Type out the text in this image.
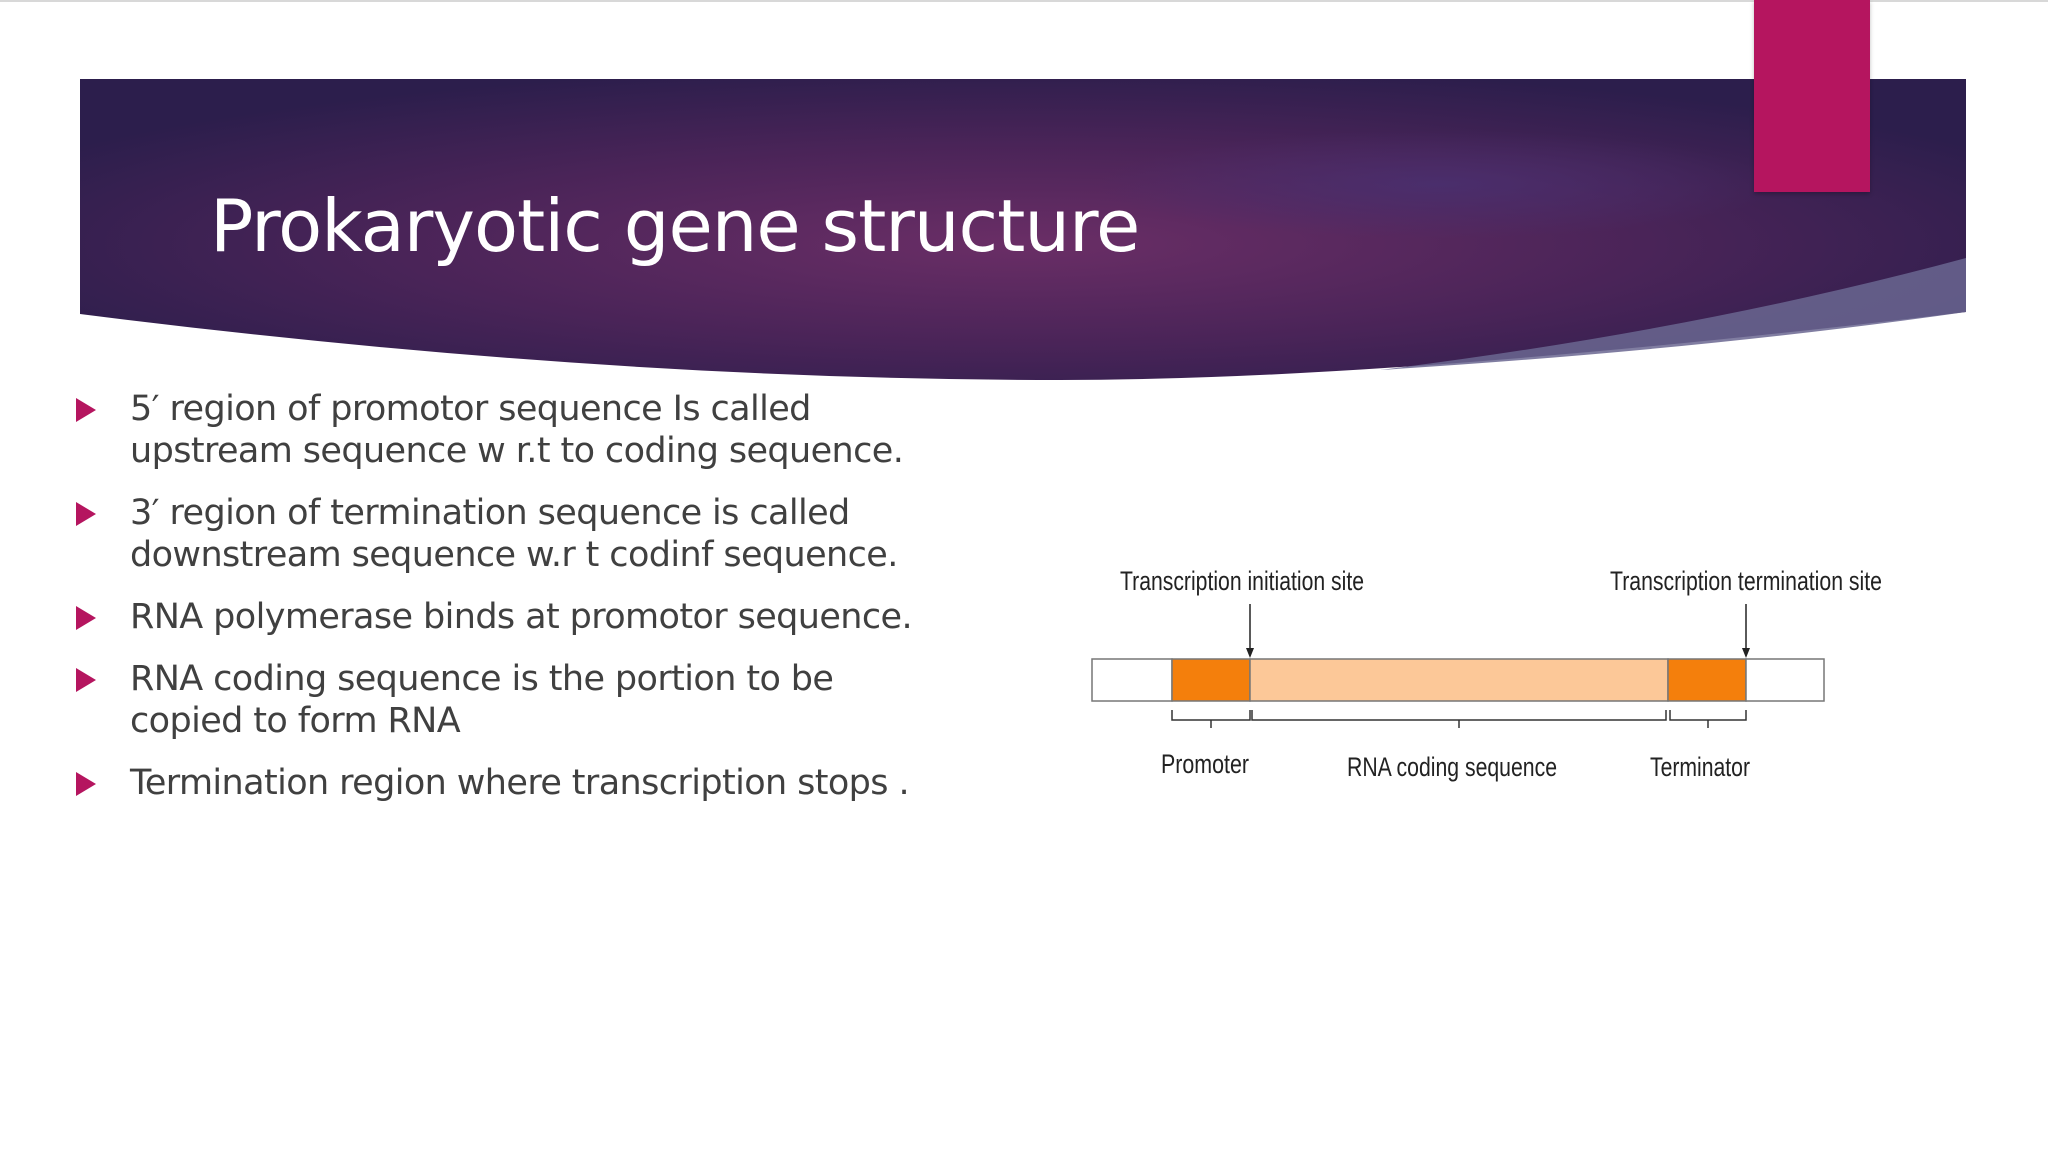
Prokaryotic gene structure
5′ region of promotor sequence Is called
upstream sequence w r.t to coding sequence.
3′ region of termination sequence is called
downstream sequence w.r t codinf sequence.
RNA polymerase binds at promotor sequence.
RNA coding sequence is the portion to be
copied to form RNA
Termination region where transcription stops .
Transcription initiation site	Transcription termination site
Promoter	RNA coding sequence	Terminator
